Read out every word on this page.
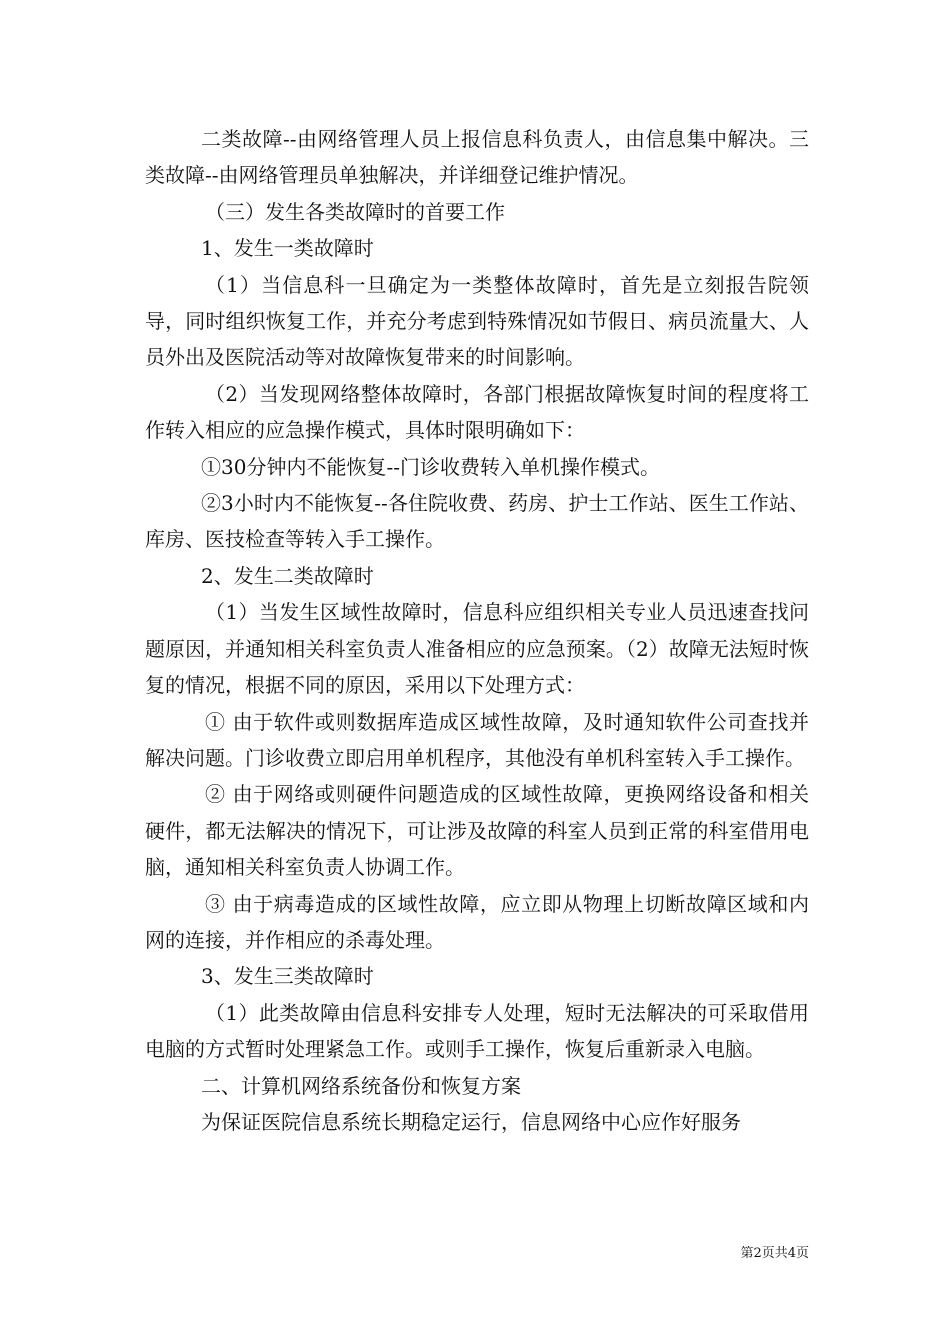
二类故障--由网络管理人员上报信息科负责人，由信息集中解决。三类故障--由网络管理员单独解决，并详细登记维护情况。

（三）发生各类故障时的首要工作

1、发生一类故障时

（1）当信息科一旦确定为一类整体故障时，首先是立刻报告院领导，同时组织恢复工作，并充分考虑到特殊情况如节假日、病员流量大、人员外出及医院活动等对故障恢复带来的时间影响。

（2）当发现网络整体故障时，各部门根据故障恢复时间的程度将工作转入相应的应急操作模式，具体时限明确如下：

①30分钟内不能恢复--门诊收费转入单机操作模式。

②3小时内不能恢复--各住院收费、药房、护士工作站、医生工作站、库房、医技检查等转入手工操作。

2、发生二类故障时

（1）当发生区域性故障时，信息科应组织相关专业人员迅速查找问题原因，并通知相关科室负责人准备相应的应急预案。（2）故障无法短时恢复的情况，根据不同的原因，采用以下处理方式：

① 由于软件或则数据库造成区域性故障，及时通知软件公司查找并解决问题。门诊收费立即启用单机程序，其他没有单机科室转入手工操作。

② 由于网络或则硬件问题造成的区域性故障，更换网络设备和相关硬件，都无法解决的情况下，可让涉及故障的科室人员到正常的科室借用电脑，通知相关科室负责人协调工作。

③ 由于病毒造成的区域性故障，应立即从物理上切断故障区域和内网的连接，并作相应的杀毒处理。

3、发生三类故障时

（1）此类故障由信息科安排专人处理，短时无法解决的可采取借用电脑的方式暂时处理紧急工作。或则手工操作，恢复后重新录入电脑。

二、计算机网络系统备份和恢复方案

为保证医院信息系统长期稳定运行，信息网络中心应作好服务

第2页共4页
